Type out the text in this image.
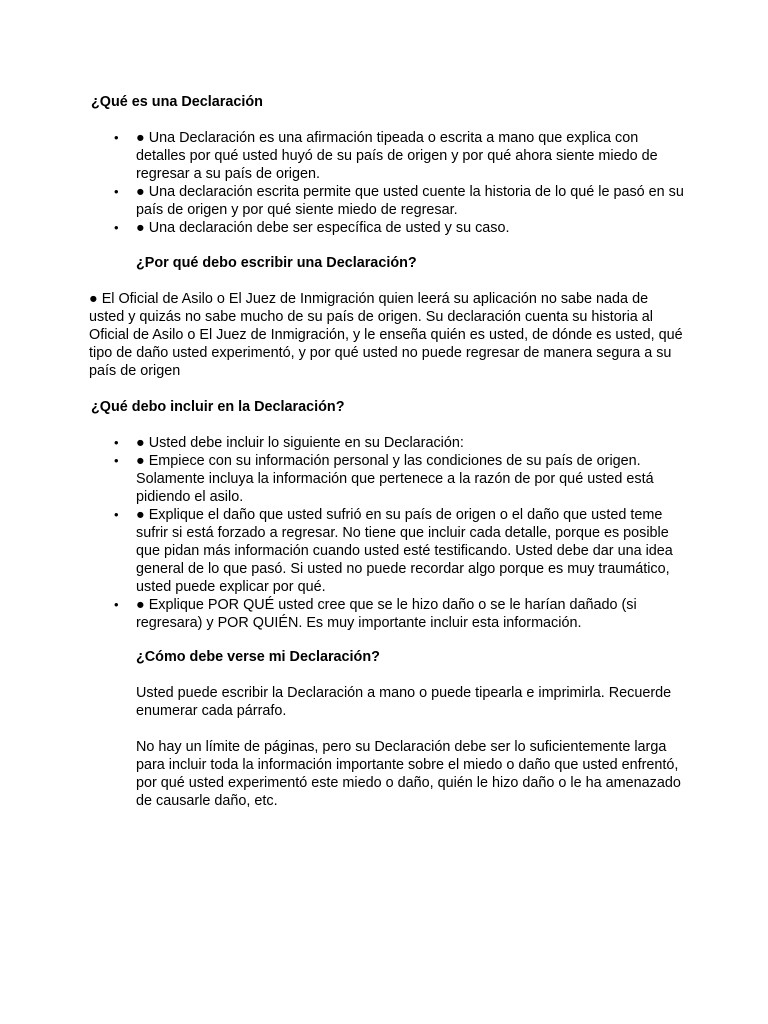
¿Qué es una Declaración
• ● Una Declaración es una afirmación tipeada o escrita a mano que explica con detalles por qué usted huyó de su país de origen y por qué ahora siente miedo de regresar a su país de origen.
• ● Una declaración escrita permite que usted cuente la historia de lo qué le pasó en su país de origen y por qué siente miedo de regresar.
• ● Una declaración debe ser específica de usted y su caso.
¿Por qué debo escribir una Declaración?

● El Oficial de Asilo o El Juez de Inmigración quien leerá su aplicación no sabe nada de usted y quizás no sabe mucho de su país de origen. Su declaración cuenta su historia al Oficial de Asilo o El Juez de Inmigración, y le enseña quién es usted, de dónde es usted, qué tipo de daño usted experimentó, y por qué usted no puede regresar de manera segura a su país de origen

¿Qué debo incluir en la Declaración?
• ● Usted debe incluir lo siguiente en su Declaración:
• ● Empiece con su información personal y las condiciones de su país de origen. Solamente incluya la información que pertenece a la razón de por qué usted está pidiendo el asilo.
• ● Explique el daño que usted sufrió en su país de origen o el daño que usted teme sufrir si está forzado a regresar. No tiene que incluir cada detalle, porque es posible que pidan más información cuando usted esté testificando. Usted debe dar una idea general de lo que pasó. Si usted no puede recordar algo porque es muy traumático, usted puede explicar por qué.
• ● Explique POR QUÉ usted cree que se le hizo daño o se le harían dañado (si regresara) y POR QUIÉN. Es muy importante incluir esta información.
¿Cómo debe verse mi Declaración?

Usted puede escribir la Declaración a mano o puede tipearla e imprimirla. Recuerde enumerar cada párrafo.

No hay un límite de páginas, pero su Declaración debe ser lo suficientemente larga para incluir toda la información importante sobre el miedo o daño que usted enfrentó, por qué usted experimentó este miedo o daño, quién le hizo daño o le ha amenazado de causarle daño, etc.
